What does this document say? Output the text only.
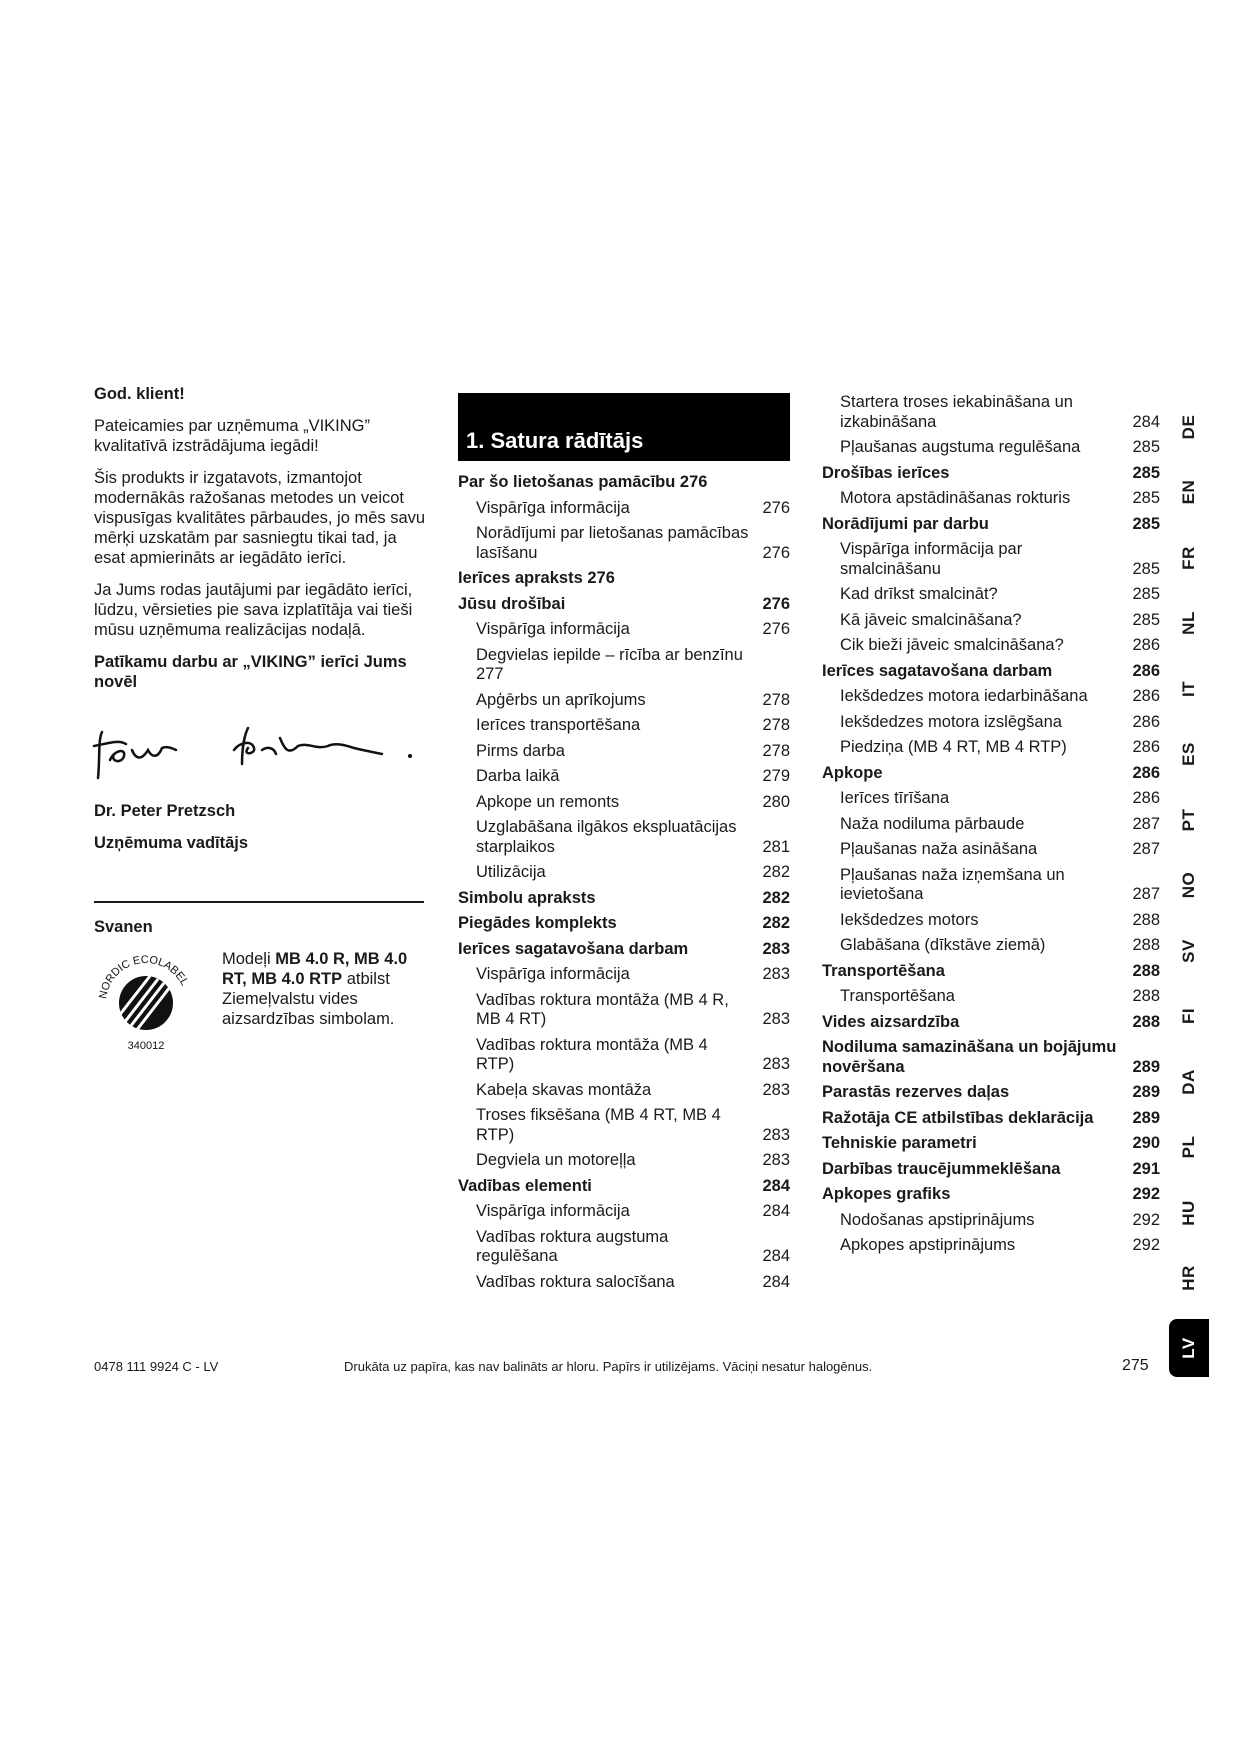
God. klient!

Pateicamies par uzņēmuma „VIKING” kvalitatīvā izstrādājuma iegādi!

Šis produkts ir izgatavots, izmantojot modernākās ražošanas metodes un veicot vispusīgas kvalitātes pārbaudes, jo mēs savu mērķi uzskatām par sasniegtu tikai tad, ja esat apmierināts ar iegādāto ierīci.

Ja Jums rodas jautājumi par iegādāto ierīci, lūdzu, vērsieties pie sava izplatītāja vai tieši mūsu uzņēmuma realizācijas nodaļā.

Patīkamu darbu ar „VIKING” ierīci Jums novēl

Dr. Peter Pretzsch

Uzņēmuma vadītājs

Svanen

NORDIC ECOLABEL
340012
Modeļi MB 4.0 R, MB 4.0 RT, MB 4.0 RTP atbilst Ziemeļvalstu vides aizsardzības simbolam.
1. Satura rādītājs
Par šo lietošanas pamācību 276
Vispārīga informācija	276
Norādījumi par lietošanas pamācības lasīšanu	276
Ierīces apraksts 276
Jūsu drošībai	276
Vispārīga informācija	276
Degvielas iepilde – rīcība ar benzīnu 277
Apģērbs un aprīkojums	278
Ierīces transportēšana	278
Pirms darba	278
Darba laikā	279
Apkope un remonts	280
Uzglabāšana ilgākos ekspluatācijas starplaikos	281
Utilizācija	282
Simbolu apraksts	282
Piegādes komplekts	282
Ierīces sagatavošana darbam	283
Vispārīga informācija	283
Vadības roktura montāža (MB 4 R, MB 4 RT)	283
Vadības roktura montāža (MB 4 RTP)	283
Kabeļa skavas montāža	283
Troses fiksēšana (MB 4 RT, MB 4 RTP)	283
Degviela un motoreļļa	283
Vadības elementi	284
Vispārīga informācija	284
Vadības roktura augstuma regulēšana	284
Vadības roktura salocīšana	284
Startera troses iekabināšana un izkabināšana	284
Pļaušanas augstuma regulēšana	285
Drošības ierīces	285
Motora apstādināšanas rokturis	285
Norādījumi par darbu	285
Vispārīga informācija par smalcināšanu	285
Kad drīkst smalcināt?	285
Kā jāveic smalcināšana?	285
Cik bieži jāveic smalcināšana?	286
Ierīces sagatavošana darbam	286
Iekšdedzes motora iedarbināšana	286
Iekšdedzes motora izslēgšana	286
Piedziņa (MB 4 RT, MB 4 RTP)	286
Apkope	286
Ierīces tīrīšana	286
Naža nodiluma pārbaude	287
Pļaušanas naža asināšana	287
Pļaušanas naža izņemšana un ievietošana	287
Iekšdedzes motors	288
Glabāšana (dīkstāve ziemā)	288
Transportēšana	288
Transportēšana	288
Vides aizsardzība	288
Nodiluma samazināšana un bojājumu novēršana	289
Parastās rezerves daļas	289
Ražotāja CE atbilstības deklarācija	289
Tehniskie parametri	290
Darbības traucējummeklēšana	291
Apkopes grafiks	292
Nodošanas apstiprinājums	292
Apkopes apstiprinājums	292
DE
EN
FR
NL
IT
ES
PT
NO
SV
FI
DA
PL
HU
HR
LV
0478 111 9924 C - LV	Drukāta uz papīra, kas nav balināts ar hloru. Papīrs ir utilizējams. Vāciņi nesatur halogēnus.	275
